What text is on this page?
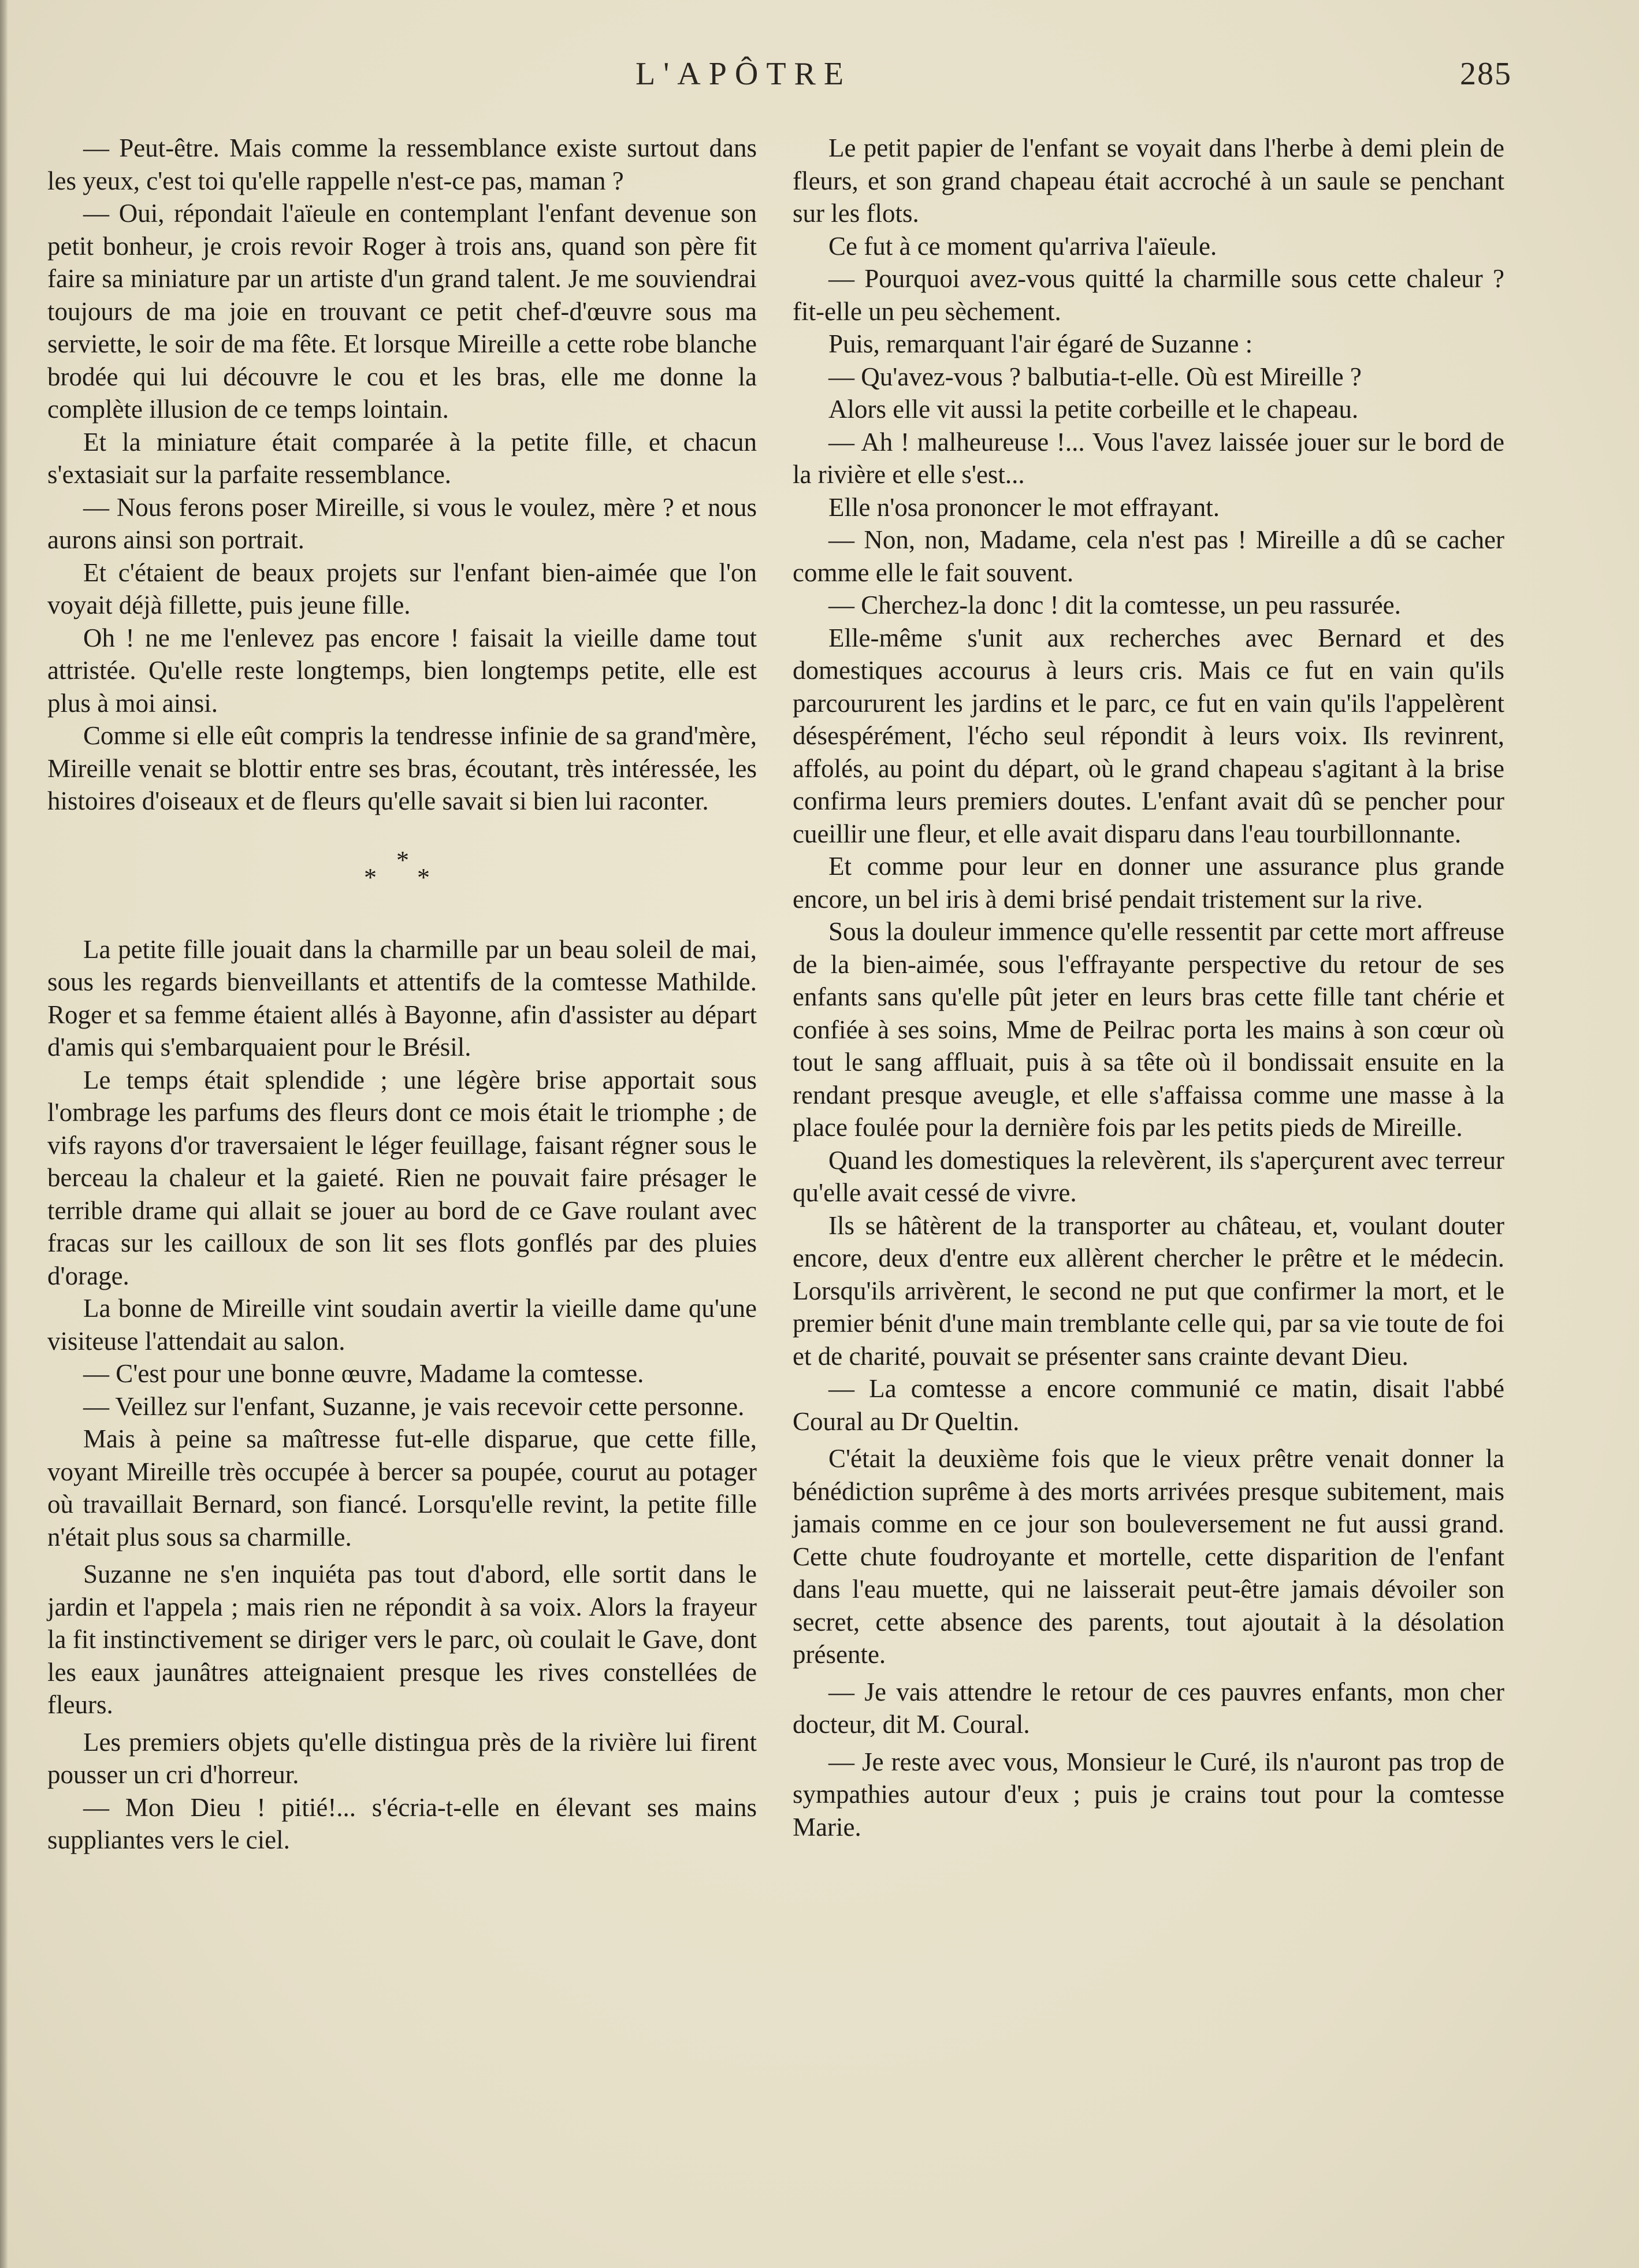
L'APÔTRE	285

— Peut-être. Mais comme la ressemblance existe surtout dans les yeux, c'est toi qu'elle rappelle n'est-ce pas, maman ?

— Oui, répondait l'aïeule en contemplant l'enfant devenue son petit bonheur, je crois revoir Roger à trois ans, quand son père fit faire sa miniature par un artiste d'un grand talent. Je me souviendrai toujours de ma joie en trouvant ce petit chef-d'œuvre sous ma serviette, le soir de ma fête. Et lorsque Mireille a cette robe blanche brodée qui lui découvre le cou et les bras, elle me donne la complète illusion de ce temps lointain.

Et la miniature était comparée à la petite fille, et chacun s'extasiait sur la parfaite ressemblance.

— Nous ferons poser Mireille, si vous le voulez, mère ? et nous aurons ainsi son portrait.

Et c'étaient de beaux projets sur l'enfant bien-aimée que l'on voyait déjà fillette, puis jeune fille.

Oh ! ne me l'enlevez pas encore ! faisait la vieille dame tout attristée. Qu'elle reste longtemps, bien longtemps petite, elle est plus à moi ainsi.

Comme si elle eût compris la tendresse infinie de sa grand'mère, Mireille venait se blottir entre ses bras, écoutant, très intéressée, les histoires d'oiseaux et de fleurs qu'elle savait si bien lui raconter.

*
*
*

La petite fille jouait dans la charmille par un beau soleil de mai, sous les regards bienveillants et attentifs de la comtesse Mathilde. Roger et sa femme étaient allés à Bayonne, afin d'assister au départ d'amis qui s'embarquaient pour le Brésil.

Le temps était splendide ; une légère brise apportait sous l'ombrage les parfums des fleurs dont ce mois était le triomphe ; de vifs rayons d'or traversaient le léger feuillage, faisant régner sous le berceau la chaleur et la gaieté. Rien ne pouvait faire présager le terrible drame qui allait se jouer au bord de ce Gave roulant avec fracas sur les cailloux de son lit ses flots gonflés par des pluies d'orage.

La bonne de Mireille vint soudain avertir la vieille dame qu'une visiteuse l'attendait au salon.

— C'est pour une bonne œuvre, Madame la comtesse.

— Veillez sur l'enfant, Suzanne, je vais recevoir cette personne.

Mais à peine sa maîtresse fut-elle disparue, que cette fille, voyant Mireille très occupée à bercer sa poupée, courut au potager où travaillait Bernard, son fiancé. Lorsqu'elle revint, la petite fille n'était plus sous sa charmille.

Suzanne ne s'en inquiéta pas tout d'abord, elle sortit dans le jardin et l'appela ; mais rien ne répondit à sa voix. Alors la frayeur la fit instinctivement se diriger vers le parc, où coulait le Gave, dont les eaux jaunâtres atteignaient presque les rives constellées de fleurs.

Les premiers objets qu'elle distingua près de la rivière lui firent pousser un cri d'horreur.

— Mon Dieu ! pitié!... s'écria-t-elle en élevant ses mains suppliantes vers le ciel.

Le petit papier de l'enfant se voyait dans l'herbe à demi plein de fleurs, et son grand chapeau était accroché à un saule se penchant sur les flots.

Ce fut à ce moment qu'arriva l'aïeule.

— Pourquoi avez-vous quitté la charmille sous cette chaleur ? fit-elle un peu sèchement.

Puis, remarquant l'air égaré de Suzanne :

— Qu'avez-vous ? balbutia-t-elle. Où est Mireille ?

Alors elle vit aussi la petite corbeille et le chapeau.

— Ah ! malheureuse !... Vous l'avez laissée jouer sur le bord de la rivière et elle s'est...

Elle n'osa prononcer le mot effrayant.

— Non, non, Madame, cela n'est pas ! Mireille a dû se cacher comme elle le fait souvent.

— Cherchez-la donc ! dit la comtesse, un peu rassurée.

Elle-même s'unit aux recherches avec Bernard et des domestiques accourus à leurs cris. Mais ce fut en vain qu'ils parcoururent les jardins et le parc, ce fut en vain qu'ils l'appelèrent désespérément, l'écho seul répondit à leurs voix. Ils revinrent, affolés, au point du départ, où le grand chapeau s'agitant à la brise confirma leurs premiers doutes. L'enfant avait dû se pencher pour cueillir une fleur, et elle avait disparu dans l'eau tourbillonnante.

Et comme pour leur en donner une assurance plus grande encore, un bel iris à demi brisé pendait tristement sur la rive.

Sous la douleur immence qu'elle ressentit par cette mort affreuse de la bien-aimée, sous l'effrayante perspective du retour de ses enfants sans qu'elle pût jeter en leurs bras cette fille tant chérie et confiée à ses soins, Mme de Peilrac porta les mains à son cœur où tout le sang affluait, puis à sa tête où il bondissait ensuite en la rendant presque aveugle, et elle s'affaissa comme une masse à la place foulée pour la dernière fois par les petits pieds de Mireille.

Quand les domestiques la relevèrent, ils s'aperçurent avec terreur qu'elle avait cessé de vivre.

Ils se hâtèrent de la transporter au château, et, voulant douter encore, deux d'entre eux allèrent chercher le prêtre et le médecin. Lorsqu'ils arrivèrent, le second ne put que confirmer la mort, et le premier bénit d'une main tremblante celle qui, par sa vie toute de foi et de charité, pouvait se présenter sans crainte devant Dieu.

— La comtesse a encore communié ce matin, disait l'abbé Coural au Dr Queltin.

C'était la deuxième fois que le vieux prêtre venait donner la bénédiction suprême à des morts arrivées presque subitement, mais jamais comme en ce jour son bouleversement ne fut aussi grand. Cette chute foudroyante et mortelle, cette disparition de l'enfant dans l'eau muette, qui ne laisserait peut-être jamais dévoiler son secret, cette absence des parents, tout ajoutait à la désolation présente.

— Je vais attendre le retour de ces pauvres enfants, mon cher docteur, dit M. Coural.

— Je reste avec vous, Monsieur le Curé, ils n'auront pas trop de sympathies autour d'eux ; puis je crains tout pour la comtesse Marie.
